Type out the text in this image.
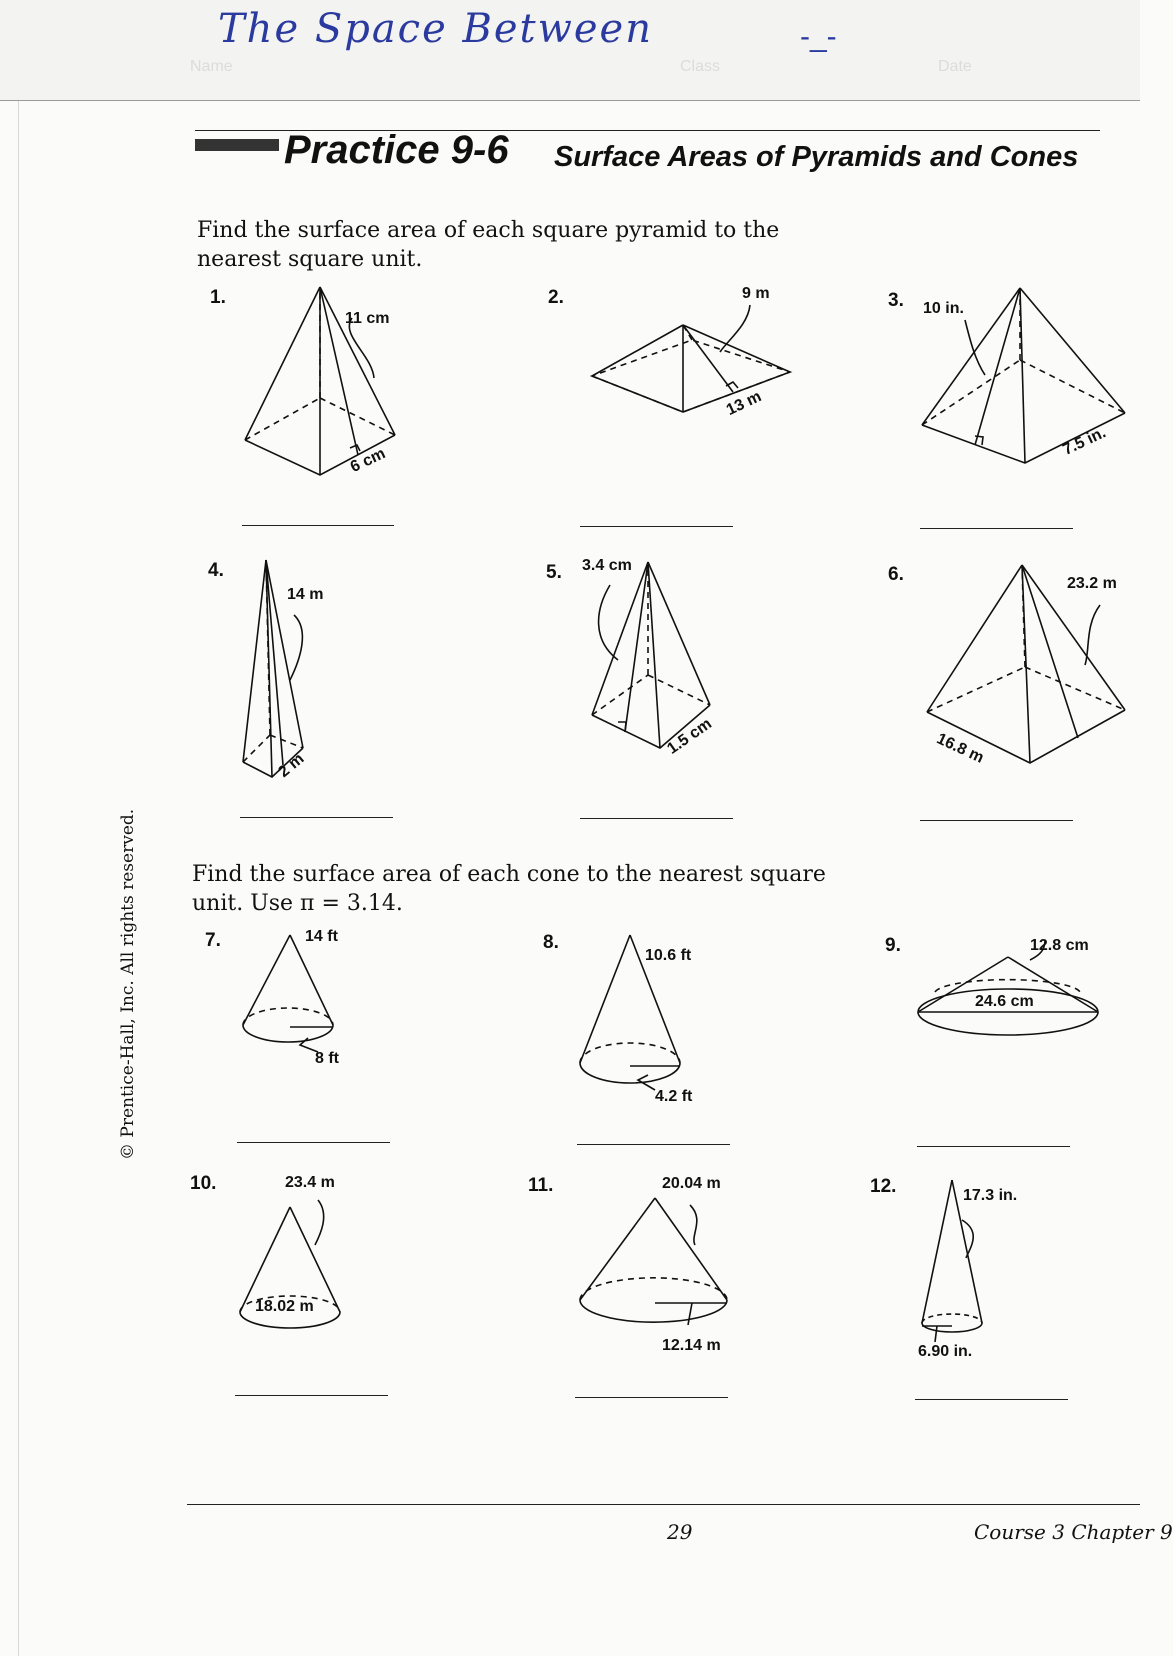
The Space Between	-_-
Name	Class	Date
Practice 9-6 Surface Areas of Pyramids and Cones
Find the surface area of each square pyramid to the
nearest square unit.
Find the surface area of each cone to the nearest square
unit. Use π = 3.14.
1.	2.	3.
4.	5.	6.
7.	8.	9.
10.	11.	12.
11 cm
6 cm
9 m
13 m
10 in.
7.5 in.
14 m
2 m
3.4 cm
1.5 cm
23.2 m
16.8 m
14 ft
8 ft
10.6 ft
4.2 ft
12.8 cm
24.6 cm
23.4 m
18.02 m
20.04 m
12.14 m
17.3 in.
6.90 in.
© Prentice-Hall, Inc. All rights reserved.
29	Course 3 Chapter 9
